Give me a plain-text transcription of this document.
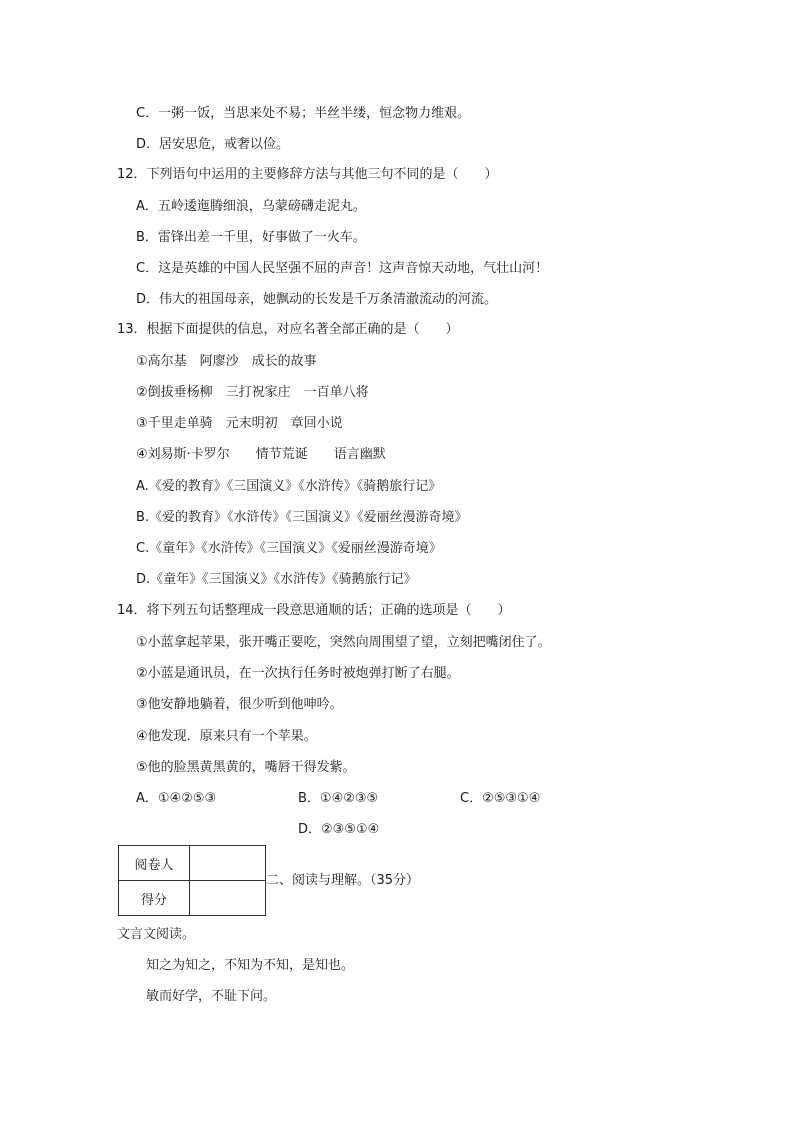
C．一粥一饭，当思来处不易；半丝半缕，恒念物力维艰。
D．居安思危，戒奢以俭。
12．下列语句中运用的主要修辞方法与其他三句不同的是（　　）
A．五岭逶迤腾细浪，乌蒙磅礴走泥丸。
B．雷锋出差一千里，好事做了一火车。
C．这是英雄的中国人民坚强不屈的声音！这声音惊天动地，气壮山河！
D．伟大的祖国母亲，她飘动的长发是千万条清澈流动的河流。
13．根据下面提供的信息，对应名著全部正确的是（　　）
①高尔基　阿廖沙　成长的故事
②倒拔垂杨柳　三打祝家庄　一百单八将
③千里走单骑　元末明初　章回小说
④刘易斯·卡罗尔　　情节荒诞　　语言幽默
A.《爱的教育》《三国演义》《水浒传》《骑鹅旅行记》
B.《爱的教育》《水浒传》《三国演义》《爱丽丝漫游奇境》
C.《童年》《水浒传》《三国演义》《爱丽丝漫游奇境》
D.《童年》《三国演义》《水浒传》《骑鹅旅行记》
14．将下列五句话整理成一段意思通顺的话；正确的选项是（　　）
①小蓝拿起苹果，张开嘴正要吃，突然向周围望了望，立刻把嘴闭住了。
②小蓝是通讯员，在一次执行任务时被炮弹打断了右腿。
③他安静地躺着，很少听到他呻吟。
④他发现．原来只有一个苹果。
⑤他的脸黑黄黑黄的，嘴唇干得发紫。
A．①④②⑤③	B．①④②③⑤	C．②⑤③①④
D．②③⑤①④
阅卷人	
得分	
二、阅读与理解。（35分）
文言文阅读。
知之为知之，不知为不知，是知也。
敏而好学，不耻下问。
